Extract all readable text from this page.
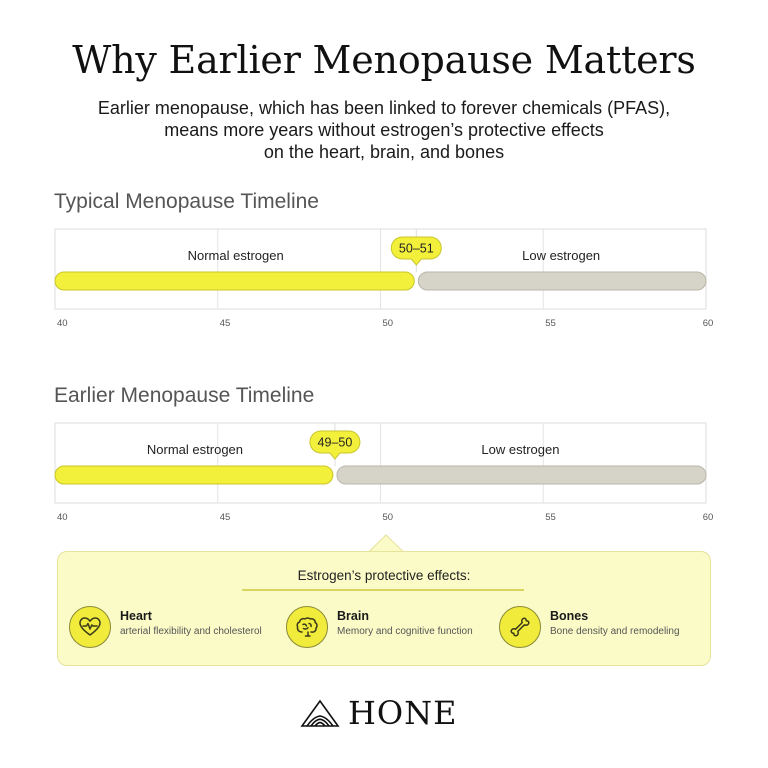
Why Earlier Menopause Matters
Earlier menopause, which has been linked to forever chemicals (PFAS),
means more years without estrogen’s protective effects
on the heart, brain, and bones
Typical Menopause Timeline
40	45	50	55	60
Low estrogen
Normal estrogen	50–51
Earlier Menopause Timeline
40	45	50	55	60
Low estrogen
Normal estrogen	49–50
Estrogen’s protective effects:
Heart
arterial flexibility and cholesterol
Brain
Memory and cognitive function
Bones
Bone density and remodeling
HONE
